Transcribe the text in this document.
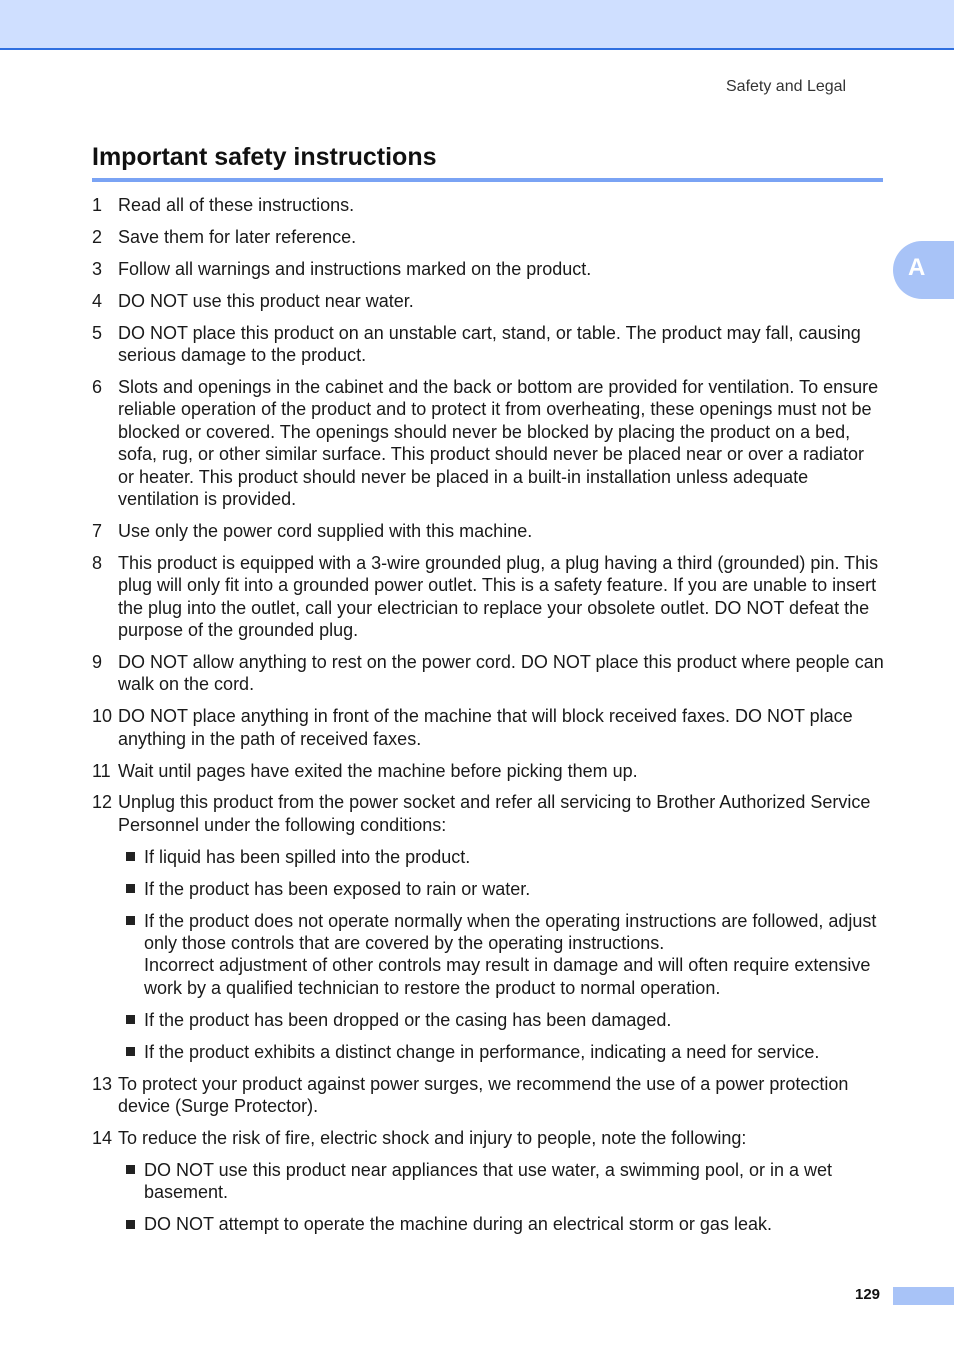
Safety and Legal
Important safety instructions
A
1 Read all of these instructions.
2 Save them for later reference.
3 Follow all warnings and instructions marked on the product.
4 DO NOT use this product near water.
5 DO NOT place this product on an unstable cart, stand, or table. The product may fall, causing serious damage to the product.
6 Slots and openings in the cabinet and the back or bottom are provided for ventilation. To ensure reliable operation of the product and to protect it from overheating, these openings must not be blocked or covered. The openings should never be blocked by placing the product on a bed, sofa, rug, or other similar surface. This product should never be placed near or over a radiator or heater. This product should never be placed in a built-in installation unless adequate ventilation is provided.
7 Use only the power cord supplied with this machine.
8 This product is equipped with a 3-wire grounded plug, a plug having a third (grounded) pin. This plug will only fit into a grounded power outlet. This is a safety feature. If you are unable to insert the plug into the outlet, call your electrician to replace your obsolete outlet. DO NOT defeat the purpose of the grounded plug.
9 DO NOT allow anything to rest on the power cord. DO NOT place this product where people can walk on the cord.
10 DO NOT place anything in front of the machine that will block received faxes. DO NOT place anything in the path of received faxes.
11 Wait until pages have exited the machine before picking them up.
12 Unplug this product from the power socket and refer all servicing to Brother Authorized Service Personnel under the following conditions:
If liquid has been spilled into the product.
If the product has been exposed to rain or water.
If the product does not operate normally when the operating instructions are followed, adjust only those controls that are covered by the operating instructions.
Incorrect adjustment of other controls may result in damage and will often require extensive work by a qualified technician to restore the product to normal operation.
If the product has been dropped or the casing has been damaged.
If the product exhibits a distinct change in performance, indicating a need for service.
13 To protect your product against power surges, we recommend the use of a power protection device (Surge Protector).
14 To reduce the risk of fire, electric shock and injury to people, note the following:
DO NOT use this product near appliances that use water, a swimming pool, or in a wet basement.
DO NOT attempt to operate the machine during an electrical storm or gas leak.
129
